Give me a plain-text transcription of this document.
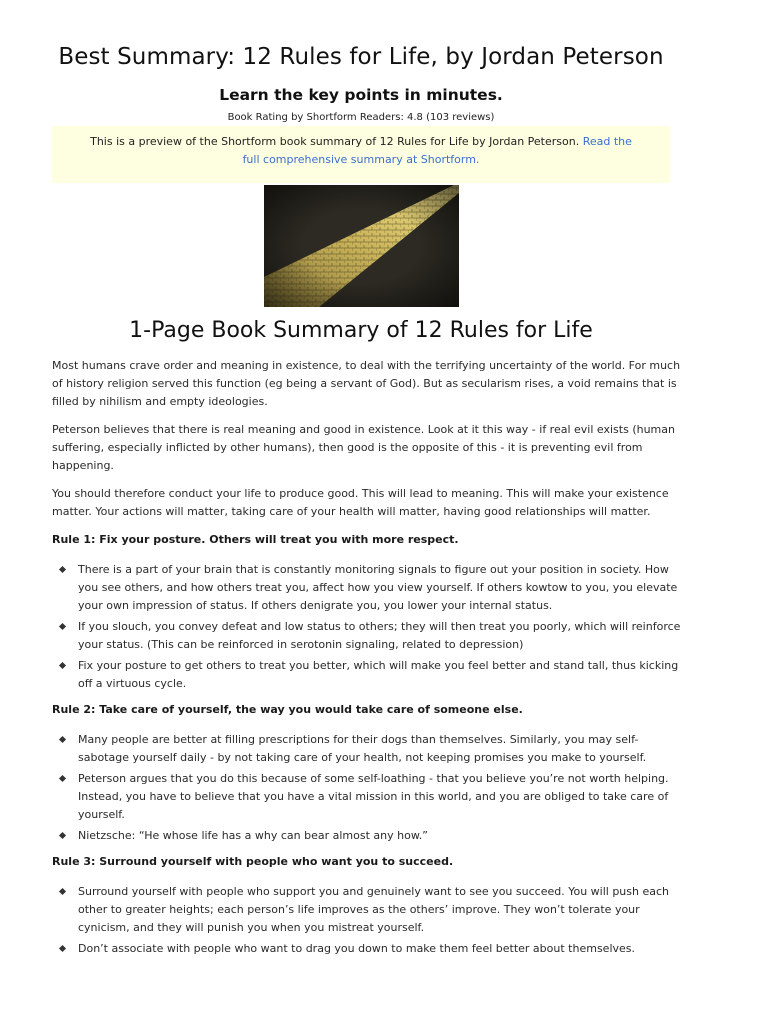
Best Summary: 12 Rules for Life, by Jordan Peterson
Learn the key points in minutes.
Book Rating by Shortform Readers: 4.8 (103 reviews)
This is a preview of the Shortform book summary of 12 Rules for Life by Jordan Peterson. Read the full comprehensive summary at Shortform.
1-Page Book Summary of 12 Rules for Life

Most humans crave order and meaning in existence, to deal with the terrifying uncertainty of the world. For much of history religion served this function (eg being a servant of God). But as secularism rises, a void remains that is filled by nihilism and empty ideologies.

Peterson believes that there is real meaning and good in existence. Look at it this way - if real evil exists (human suffering, especially inflicted by other humans), then good is the opposite of this - it is preventing evil from happening.

You should therefore conduct your life to produce good. This will lead to meaning. This will make your existence matter. Your actions will matter, taking care of your health will matter, having good relationships will matter.

Rule 1: Fix your posture. Others will treat you with more respect.
There is a part of your brain that is constantly monitoring signals to figure out your position in society. How you see others, and how others treat you, affect how you view yourself. If others kowtow to you, you elevate your own impression of status. If others denigrate you, you lower your internal status.
If you slouch, you convey defeat and low status to others; they will then treat you poorly, which will reinforce your status. (This can be reinforced in serotonin signaling, related to depression)
Fix your posture to get others to treat you better, which will make you feel better and stand tall, thus kicking off a virtuous cycle.
Rule 2: Take care of yourself, the way you would take care of someone else.
Many people are better at filling prescriptions for their dogs than themselves. Similarly, you may self-sabotage yourself daily - by not taking care of your health, not keeping promises you make to yourself.
Peterson argues that you do this because of some self-loathing - that you believe you’re not worth helping. Instead, you have to believe that you have a vital mission in this world, and you are obliged to take care of yourself.
Nietzsche: “He whose life has a why can bear almost any how.”
Rule 3: Surround yourself with people who want you to succeed.
Surround yourself with people who support you and genuinely want to see you succeed. You will push each other to greater heights; each person’s life improves as the others’ improve. They won’t tolerate your cynicism, and they will punish you when you mistreat yourself.
Don’t associate with people who want to drag you down to make them feel better about themselves.
